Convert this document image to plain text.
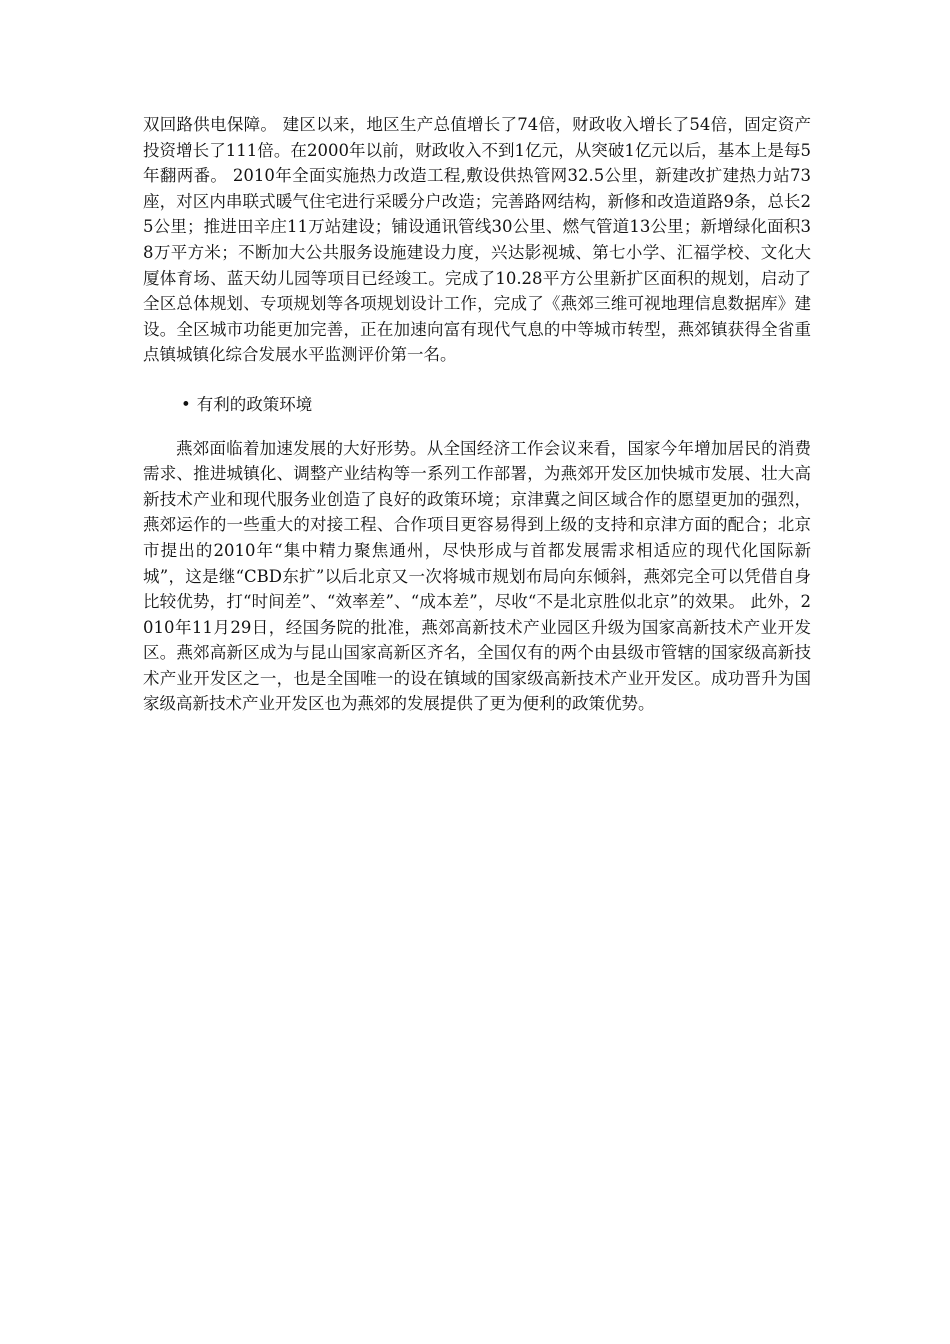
双回路供电保障。 建区以来，地区生产总值增长了74倍，财政收入增长了54倍，固定资产投资增长了111倍。在2000年以前，财政收入不到1亿元，从突破1亿元以后，基本上是每5年翻两番。 2010年全面实施热力改造工程,敷设供热管网32.5公里，新建改扩建热力站73座，对区内串联式暖气住宅进行采暖分户改造；完善路网结构，新修和改造道路9条，总长25公里；推进田辛庄11万站建设；铺设通讯管线30公里、燃气管道13公里；新增绿化面积38万平方米；不断加大公共服务设施建设力度，兴达影视城、第七小学、汇福学校、文化大厦体育场、蓝天幼儿园等项目已经竣工。完成了10.28平方公里新扩区面积的规划，启动了全区总体规划、专项规划等各项规划设计工作，完成了《燕郊三维可视地理信息数据库》建设。全区城市功能更加完善，正在加速向富有现代气息的中等城市转型，燕郊镇获得全省重点镇城镇化综合发展水平监测评价第一名。

• 有利的政策环境

燕郊面临着加速发展的大好形势。从全国经济工作会议来看，国家今年增加居民的消费需求、推进城镇化、调整产业结构等一系列工作部署，为燕郊开发区加快城市发展、壮大高新技术产业和现代服务业创造了良好的政策环境；京津冀之间区域合作的愿望更加的强烈，燕郊运作的一些重大的对接工程、合作项目更容易得到上级的支持和京津方面的配合；北京市提出的2010年“集中精力聚焦通州，尽快形成与首都发展需求相适应的现代化国际新城”，这是继“CBD东扩”以后北京又一次将城市规划布局向东倾斜，燕郊完全可以凭借自身比较优势，打“时间差”、“效率差”、“成本差”，尽收“不是北京胜似北京”的效果。 此外，2010年11月29日，经国务院的批准，燕郊高新技术产业园区升级为国家高新技术产业开发区。燕郊高新区成为与昆山国家高新区齐名，全国仅有的两个由县级市管辖的国家级高新技术产业开发区之一，也是全国唯一的设在镇域的国家级高新技术产业开发区。成功晋升为国家级高新技术产业开发区也为燕郊的发展提供了更为便利的政策优势。
